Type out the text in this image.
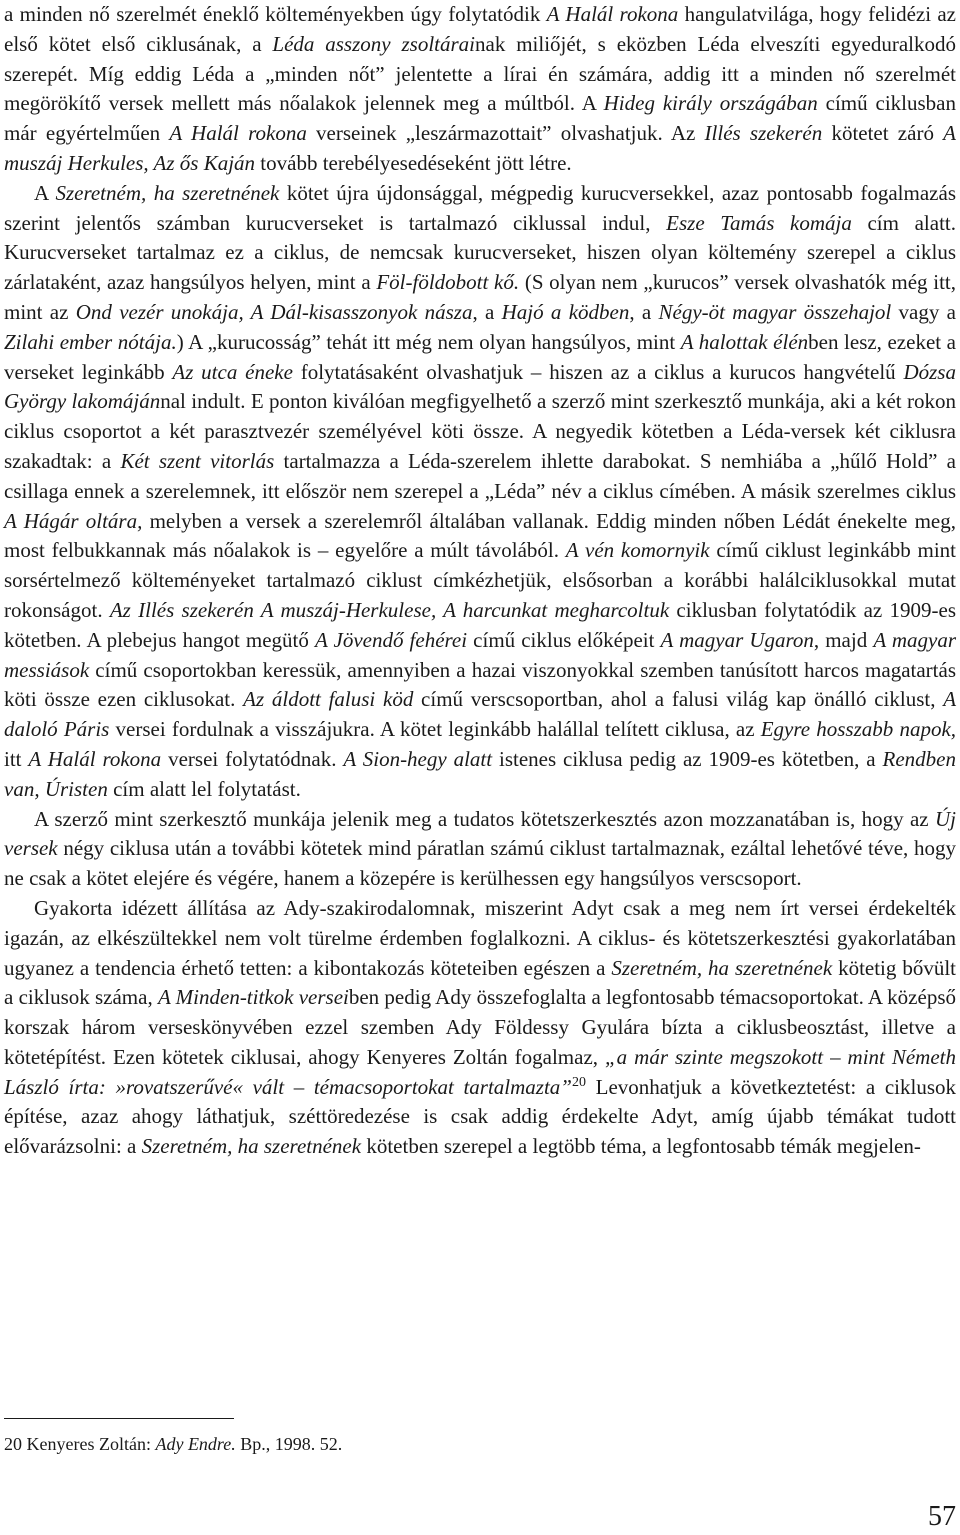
a minden nő szerelmét éneklő költeményekben úgy folytatódik A Halál rokona hangulatvilága, hogy felidézi az első kötet első ciklusának, a Léda asszony zsoltárainak miliőjét, s eközben Léda elveszíti egyeduralkodó szerepét. Míg eddig Léda a „minden nőt” jelentette a lírai én számára, addig itt a minden nő szerelmét megörökítő versek mellett más nőalakok jelennek meg a múltból. A Hideg király országában című ciklusban már egyértelműen A Halál rokona verseinek „leszármazottait” olvashatjuk. Az Illés szekerén kötetet záró A muszáj Herkules, Az ős Kaján tovább terebélyesedéseként jött létre.

A Szeretném, ha szeretnének kötet újra újdonsággal, mégpedig kurucversekkel, azaz pontosabb fogalmazás szerint jelentős számban kurucverseket is tartalmazó ciklussal indul, Esze Tamás komája cím alatt. Kurucverseket tartalmaz ez a ciklus, de nemcsak kurucverseket, hiszen olyan költemény szerepel a ciklus zárlataként, azaz hangsúlyos helyen, mint a Föl-földobott kő. (S olyan nem „kurucos” versek olvashatók még itt, mint az Ond vezér unokája, A Dál-kisasszonyok násza, a Hajó a ködben, a Négy-öt magyar összehajol vagy a Zilahi ember nótája.) A „kurucosság” tehát itt még nem olyan hangsúlyos, mint A halottak élénben lesz, ezeket a verseket leginkább Az utca éneke folytatásaként olvashatjuk – hiszen az a ciklus a kurucos hangvételű Dózsa György lakomájánnal indult. E ponton kiválóan megfigyelhető a szerző mint szerkesztő munkája, aki a két rokon ciklus csoportot a két parasztvezér személyével köti össze. A negyedik kötetben a Léda-versek két ciklusra szakadtak: a Két szent vitorlás tartalmazza a Léda-szerelem ihlette darabokat. S nemhiába a „hűlő Hold” a csillaga ennek a szerelemnek, itt először nem szerepel a „Léda” név a ciklus címében. A másik szerelmes ciklus A Hágár oltára, melyben a versek a szerelemről általában vallanak. Eddig minden nőben Lédát énekelte meg, most felbukkannak más nőalakok is – egyelőre a múlt távolából. A vén komornyik című ciklust leginkább mint sorsértelmező költeményeket tartalmazó ciklust címkézhetjük, elsősorban a korábbi halálciklusokkal mutat rokonságot. Az Illés szekerén A muszáj-Herkulese, A harcunkat megharcoltuk ciklusban folytatódik az 1909-es kötetben. A plebejus hangot megütő A Jövendő fehérei című ciklus előképeit A magyar Ugaron, majd A magyar messiások című csoportokban keressük, amennyiben a hazai viszonyokkal szemben tanúsított harcos magatartás köti össze ezen ciklusokat. Az áldott falusi köd című verscsoportban, ahol a falusi világ kap önálló ciklust, A daloló Páris versei fordulnak a visszájukra. A kötet leginkább halállal telített ciklusa, az Egyre hosszabb napok, itt A Halál rokona versei folytatódnak. A Sion-hegy alatt istenes ciklusa pedig az 1909-es kötetben, a Rendben van, Úristen cím alatt lel folytatást.

A szerző mint szerkesztő munkája jelenik meg a tudatos kötetszerkesztés azon mozzanatában is, hogy az Új versek négy ciklusa után a további kötetek mind páratlan számú ciklust tartalmaznak, ezáltal lehetővé téve, hogy ne csak a kötet elejére és végére, hanem a közepére is kerülhessen egy hangsúlyos verscsoport.

Gyakorta idézett állítása az Ady-szakirodalomnak, miszerint Adyt csak a meg nem írt versei érdekelték igazán, az elkészültekkel nem volt türelme érdemben foglalkozni. A ciklus- és kötetszerkesztési gyakorlatában ugyanez a tendencia érhető tetten: a kibontakozás köteteiben egészen a Szeretném, ha szeretnének kötetig bővült a ciklusok száma, A Minden-titkok verseiben pedig Ady összefoglalta a legfontosabb témacsoportokat. A középső korszak három verseskönyvében ezzel szemben Ady Földessy Gyulára bízta a ciklusbeosztást, illetve a kötetépítést. Ezen kötetek ciklusai, ahogy Kenyeres Zoltán fogalmaz, „a már szinte megszokott – mint Németh László írta: »rovatszerűvé« vált – témacsoportokat tartalmazta”$^{20}$ Levonhatjuk a következtetést: a ciklusok építése, azaz ahogy láthatjuk, széttöredezése is csak addig érdekelte Adyt, amíg újabb témákat tudott elővarázsolni: a Szeretném, ha szeretnének kötetben szerepel a legtöbb téma, a legfontosabb témák megjelen-

20 Kenyeres Zoltán: Ady Endre. Bp., 1998. 52.
57
